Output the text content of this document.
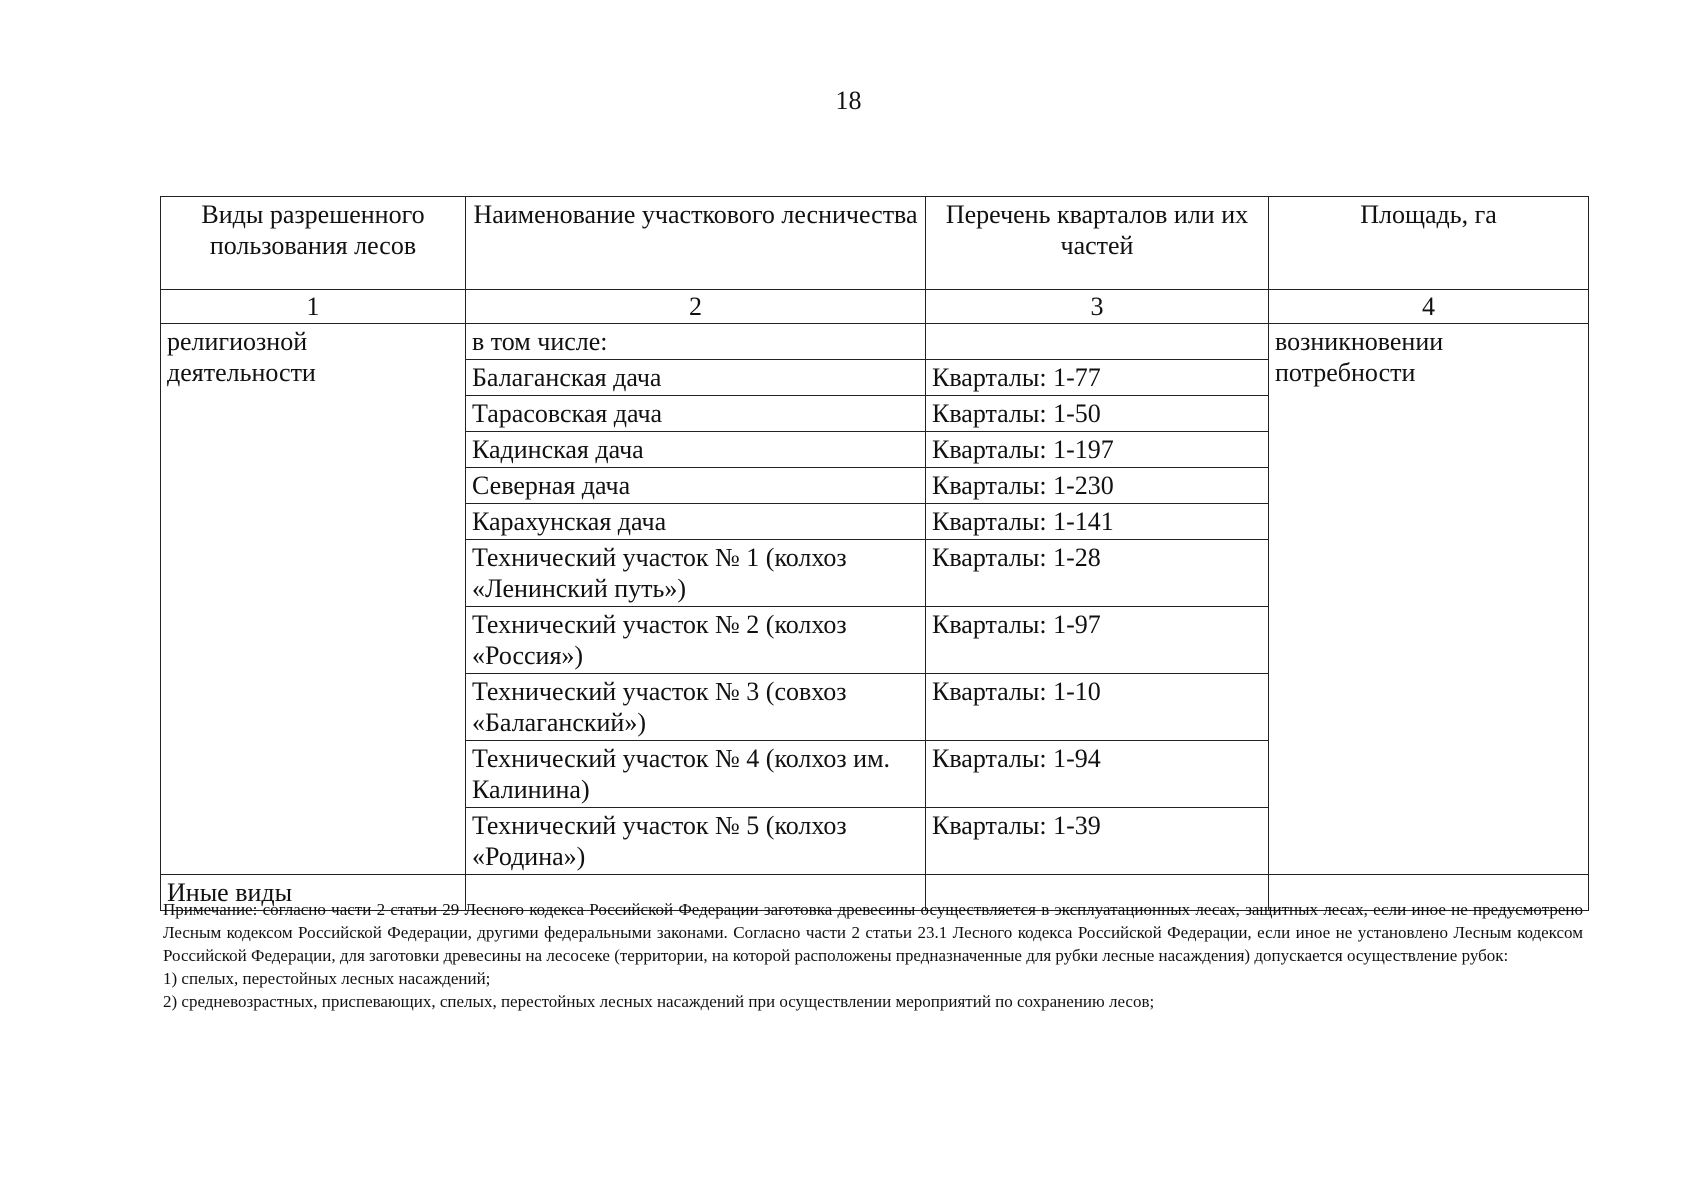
18
Виды разрешенного пользования лесов	Наименование участкового лесничества	Перечень кварталов или их частей	Площадь, га
1	2	3	4
религиозной деятельности	в том числе:		возникновении потребности
	Балаганская дача	Кварталы: 1-77	
	Тарасовская дача	Кварталы: 1-50	
	Кадинская дача	Кварталы: 1-197	
	Северная дача	Кварталы: 1-230	
	Карахунская дача	Кварталы: 1-141	
	Технический участок № 1 (колхоз «Ленинский путь»)	Кварталы: 1-28	
	Технический участок № 2 (колхоз «Россия»)	Кварталы: 1-97	
	Технический участок № 3 (совхоз «Балаганский»)	Кварталы: 1-10	
	Технический участок № 4 (колхоз им. Калинина)	Кварталы: 1-94	
	Технический участок № 5 (колхоз «Родина»)	Кварталы: 1-39	
Иные виды			

Примечание: согласно части 2 статьи 29 Лесного кодекса Российской Федерации заготовка древесины осуществляется в эксплуатационных лесах, защитных лесах, если иное не предусмотрено Лесным кодексом Российской Федерации, другими федеральными законами. Согласно части 2 статьи 23.1 Лесного кодекса Российской Федерации, если иное не установлено Лесным кодексом Российской Федерации, для заготовки древесины на лесосеке (территории, на которой расположены предназначенные для рубки лесные насаждения) допускается осуществление рубок:

1) спелых, перестойных лесных насаждений;

2) средневозрастных, приспевающих, спелых, перестойных лесных насаждений при осуществлении мероприятий по сохранению лесов;
